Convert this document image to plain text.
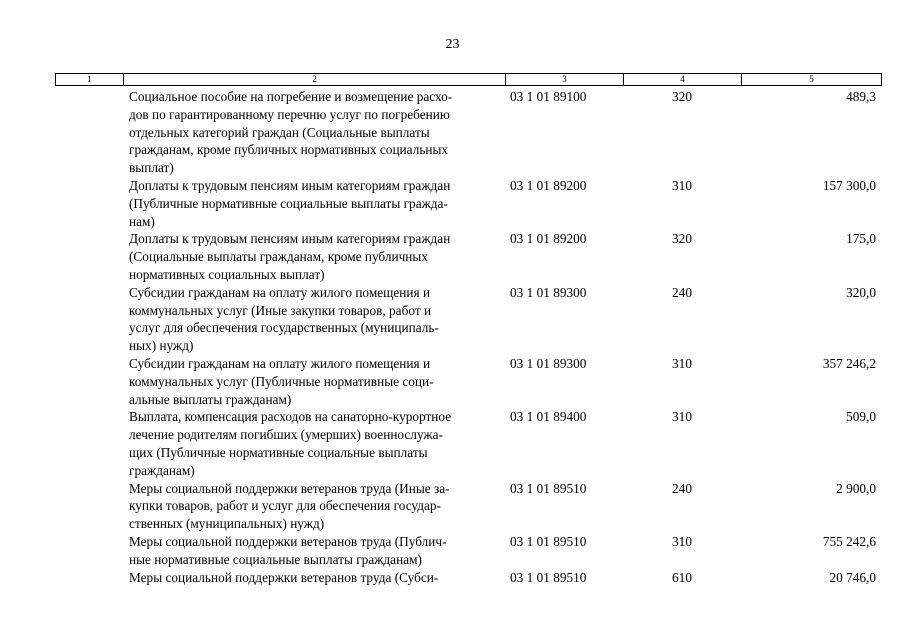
23
1	2	3	4	5
Социальное пособие на погребение и возмещение расхо-
дов по гарантированному перечню услуг по погребению
отдельных категорий граждан (Социальные выплаты
гражданам, кроме публичных нормативных социальных
выплат)
03 1 01 89100	320	489,3
Доплаты к трудовым пенсиям иным категориям граждан
(Публичные нормативные социальные выплаты гражда-
нам)
03 1 01 89200	310	157 300,0
Доплаты к трудовым пенсиям иным категориям граждан
(Социальные выплаты гражданам, кроме публичных
нормативных социальных выплат)
03 1 01 89200	320	175,0
Субсидии гражданам на оплату жилого помещения и
коммунальных услуг (Иные закупки товаров, работ и
услуг для обеспечения государственных (муниципаль-
ных) нужд)
03 1 01 89300	240	320,0
Субсидии гражданам на оплату жилого помещения и
коммунальных услуг (Публичные нормативные соци-
альные выплаты гражданам)
03 1 01 89300	310	357 246,2
Выплата, компенсация расходов на санаторно-курортное
лечение родителям погибших (умерших) военнослужа-
щих (Публичные нормативные социальные выплаты
гражданам)
03 1 01 89400	310	509,0
Меры социальной поддержки ветеранов труда (Иные за-
купки товаров, работ и услуг для обеспечения государ-
ственных (муниципальных) нужд)
03 1 01 89510	240	2 900,0
Меры социальной поддержки ветеранов труда (Публич-
ные нормативные социальные выплаты гражданам)
03 1 01 89510	310	755 242,6
Меры социальной поддержки ветеранов труда (Субси-	03 1 01 89510	610	20 746,0
